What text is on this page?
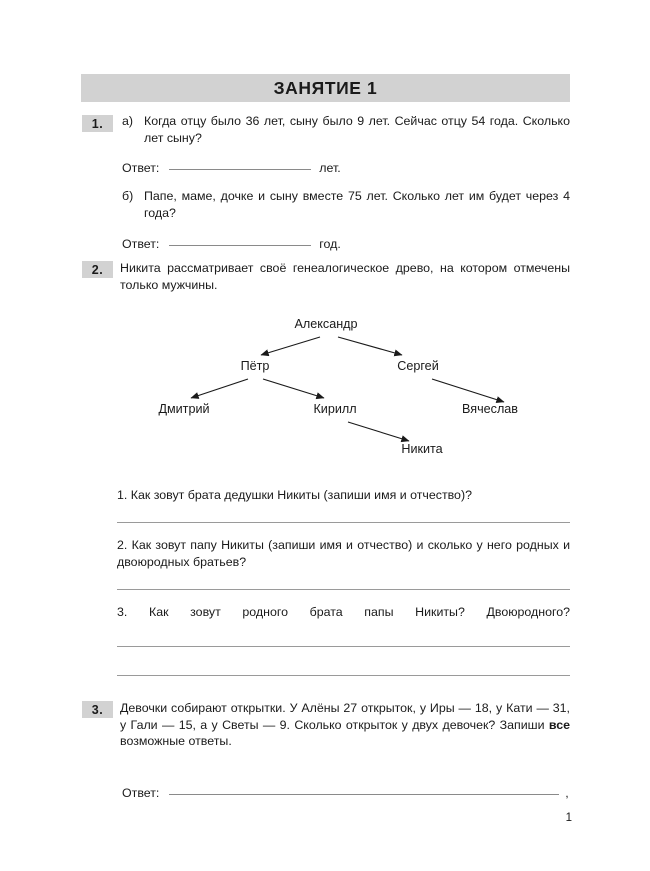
ЗАНЯТИЕ 1
1.	а) Когда отцу было 36 лет, сыну было 9 лет. Сейчас отцу 54 года. Сколько лет сыну?
Ответ:	лет.
б) Папе, маме, дочке и сыну вместе 75 лет. Сколько лет им будет через 4 года?
Ответ:	год.
2.	Никита рассматривает своё генеалогическое древо, на котором отмечены только мужчины.
Александр
Пётр	Сергей
Дмитрий	Кирилл	Вячеслав
Никита
1. Как зовут брата дедушки Никиты (запиши имя и отчество)?
2. Как зовут папу Никиты (запиши имя и отчество) и сколько у него родных и двоюродных братьев?
3. Как зовут родного брата папы Никиты? Двоюродного?
3.	Девочки собирают открытки. У Алёны 27 открыток, у Иры — 18, у Кати — 31, у Гали — 15, а у Светы — 9. Сколько открыток у двух девочек? Запиши все возможные ответы.
Ответ:	,
1
